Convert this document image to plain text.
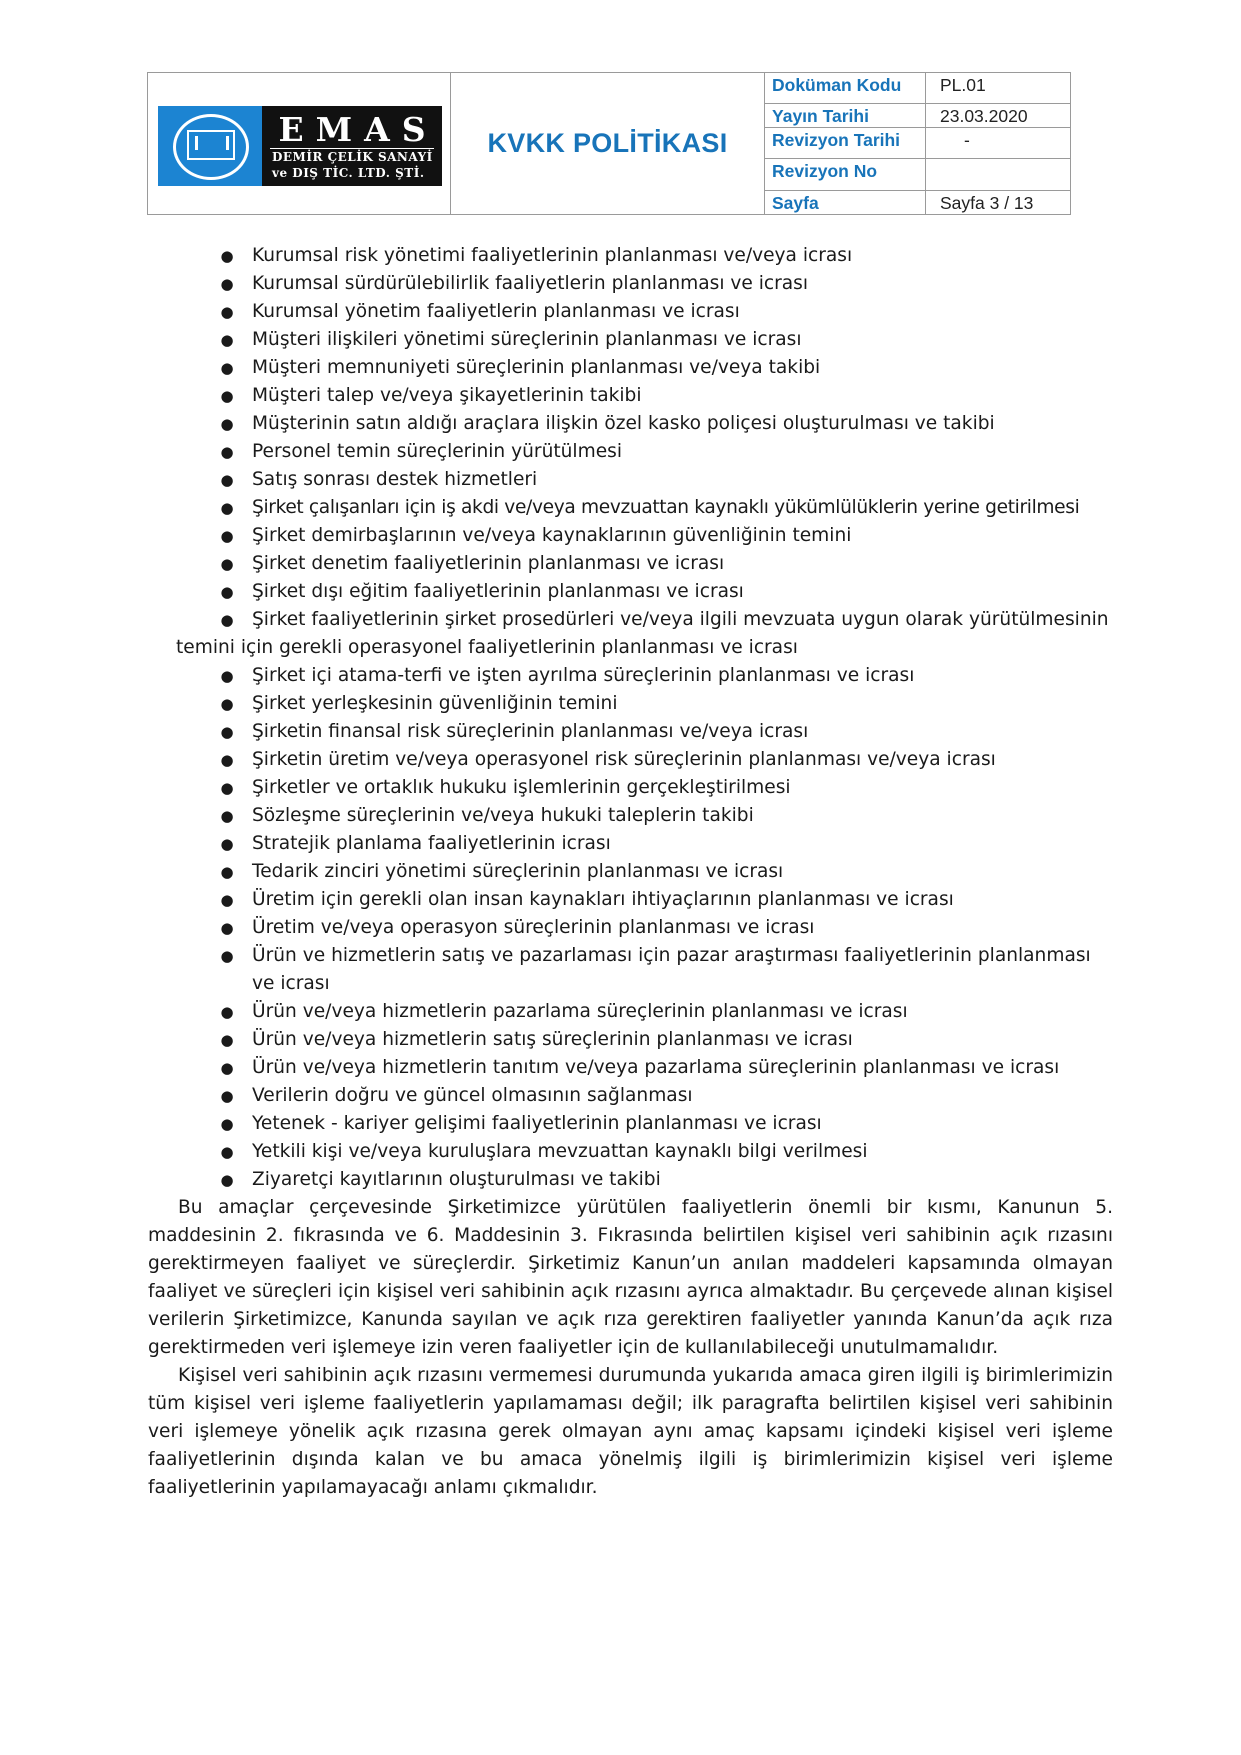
EMAS
DEMİR ÇELİK SANAYİ
ve DIŞ TİC. LTD. ŞTİ.
KVKK POLİTİKASI
Doküman Kodu	PL.01
Yayın Tarihi	23.03.2020
Revizyon Tarihi	-
Revizyon No
Sayfa	Sayfa 3 / 13
● Kurumsal risk yönetimi faaliyetlerinin planlanması ve/veya icrası
● Kurumsal sürdürülebilirlik faaliyetlerin planlanması ve icrası
● Kurumsal yönetim faaliyetlerin planlanması ve icrası
● Müşteri ilişkileri yönetimi süreçlerinin planlanması ve icrası
● Müşteri memnuniyeti süreçlerinin planlanması ve/veya takibi
● Müşteri talep ve/veya şikayetlerinin takibi
● Müşterinin satın aldığı araçlara ilişkin özel kasko poliçesi oluşturulması ve takibi
● Personel temin süreçlerinin yürütülmesi
● Satış sonrası destek hizmetleri
● Şirket çalışanları için iş akdi ve/veya mevzuattan kaynaklı yükümlülüklerin yerine getirilmesi
● Şirket demirbaşlarının ve/veya kaynaklarının güvenliğinin temini
● Şirket denetim faaliyetlerinin planlanması ve icrası
● Şirket dışı eğitim faaliyetlerinin planlanması ve icrası
● Şirket faaliyetlerinin şirket prosedürleri ve/veya ilgili mevzuata uygun olarak yürütülmesinin temini için gerekli operasyonel faaliyetlerinin planlanması ve icrası
● Şirket içi atama-terfi ve işten ayrılma süreçlerinin planlanması ve icrası
● Şirket yerleşkesinin güvenliğinin temini
● Şirketin finansal risk süreçlerinin planlanması ve/veya icrası
● Şirketin üretim ve/veya operasyonel risk süreçlerinin planlanması ve/veya icrası
● Şirketler ve ortaklık hukuku işlemlerinin gerçekleştirilmesi
● Sözleşme süreçlerinin ve/veya hukuki taleplerin takibi
● Stratejik planlama faaliyetlerinin icrası
● Tedarik zinciri yönetimi süreçlerinin planlanması ve icrası
● Üretim için gerekli olan insan kaynakları ihtiyaçlarının planlanması ve icrası
● Üretim ve/veya operasyon süreçlerinin planlanması ve icrası
● Ürün ve hizmetlerin satış ve pazarlaması için pazar araştırması faaliyetlerinin planlanması ve icrası
● Ürün ve/veya hizmetlerin pazarlama süreçlerinin planlanması ve icrası
● Ürün ve/veya hizmetlerin satış süreçlerinin planlanması ve icrası
● Ürün ve/veya hizmetlerin tanıtım ve/veya pazarlama süreçlerinin planlanması ve icrası
● Verilerin doğru ve güncel olmasının sağlanması
● Yetenek - kariyer gelişimi faaliyetlerinin planlanması ve icrası
● Yetkili kişi ve/veya kuruluşlara mevzuattan kaynaklı bilgi verilmesi
● Ziyaretçi kayıtlarının oluşturulması ve takibi

Bu amaçlar çerçevesinde Şirketimizce yürütülen faaliyetlerin önemli bir kısmı, Kanunun 5. maddesinin 2. fıkrasında ve 6. Maddesinin 3. Fıkrasında belirtilen kişisel veri sahibinin açık rızasını gerektirmeyen faaliyet ve süreçlerdir. Şirketimiz Kanun’un anılan maddeleri kapsamında olmayan faaliyet ve süreçleri için kişisel veri sahibinin açık rızasını ayrıca almaktadır. Bu çerçevede alınan kişisel verilerin Şirketimizce, Kanunda sayılan ve açık rıza gerektiren faaliyetler yanında Kanun’da açık rıza gerektirmeden veri işlemeye izin veren faaliyetler için de kullanılabileceği unutulmamalıdır.

Kişisel veri sahibinin açık rızasını vermemesi durumunda yukarıda amaca giren ilgili iş birimlerimizin tüm kişisel veri işleme faaliyetlerin yapılamaması değil; ilk paragrafta belirtilen kişisel veri sahibinin veri işlemeye yönelik açık rızasına gerek olmayan aynı amaç kapsamı içindeki kişisel veri işleme faaliyetlerinin dışında kalan ve bu amaca yönelmiş ilgili iş birimlerimizin kişisel veri işleme faaliyetlerinin yapılamayacağı anlamı çıkmalıdır.
